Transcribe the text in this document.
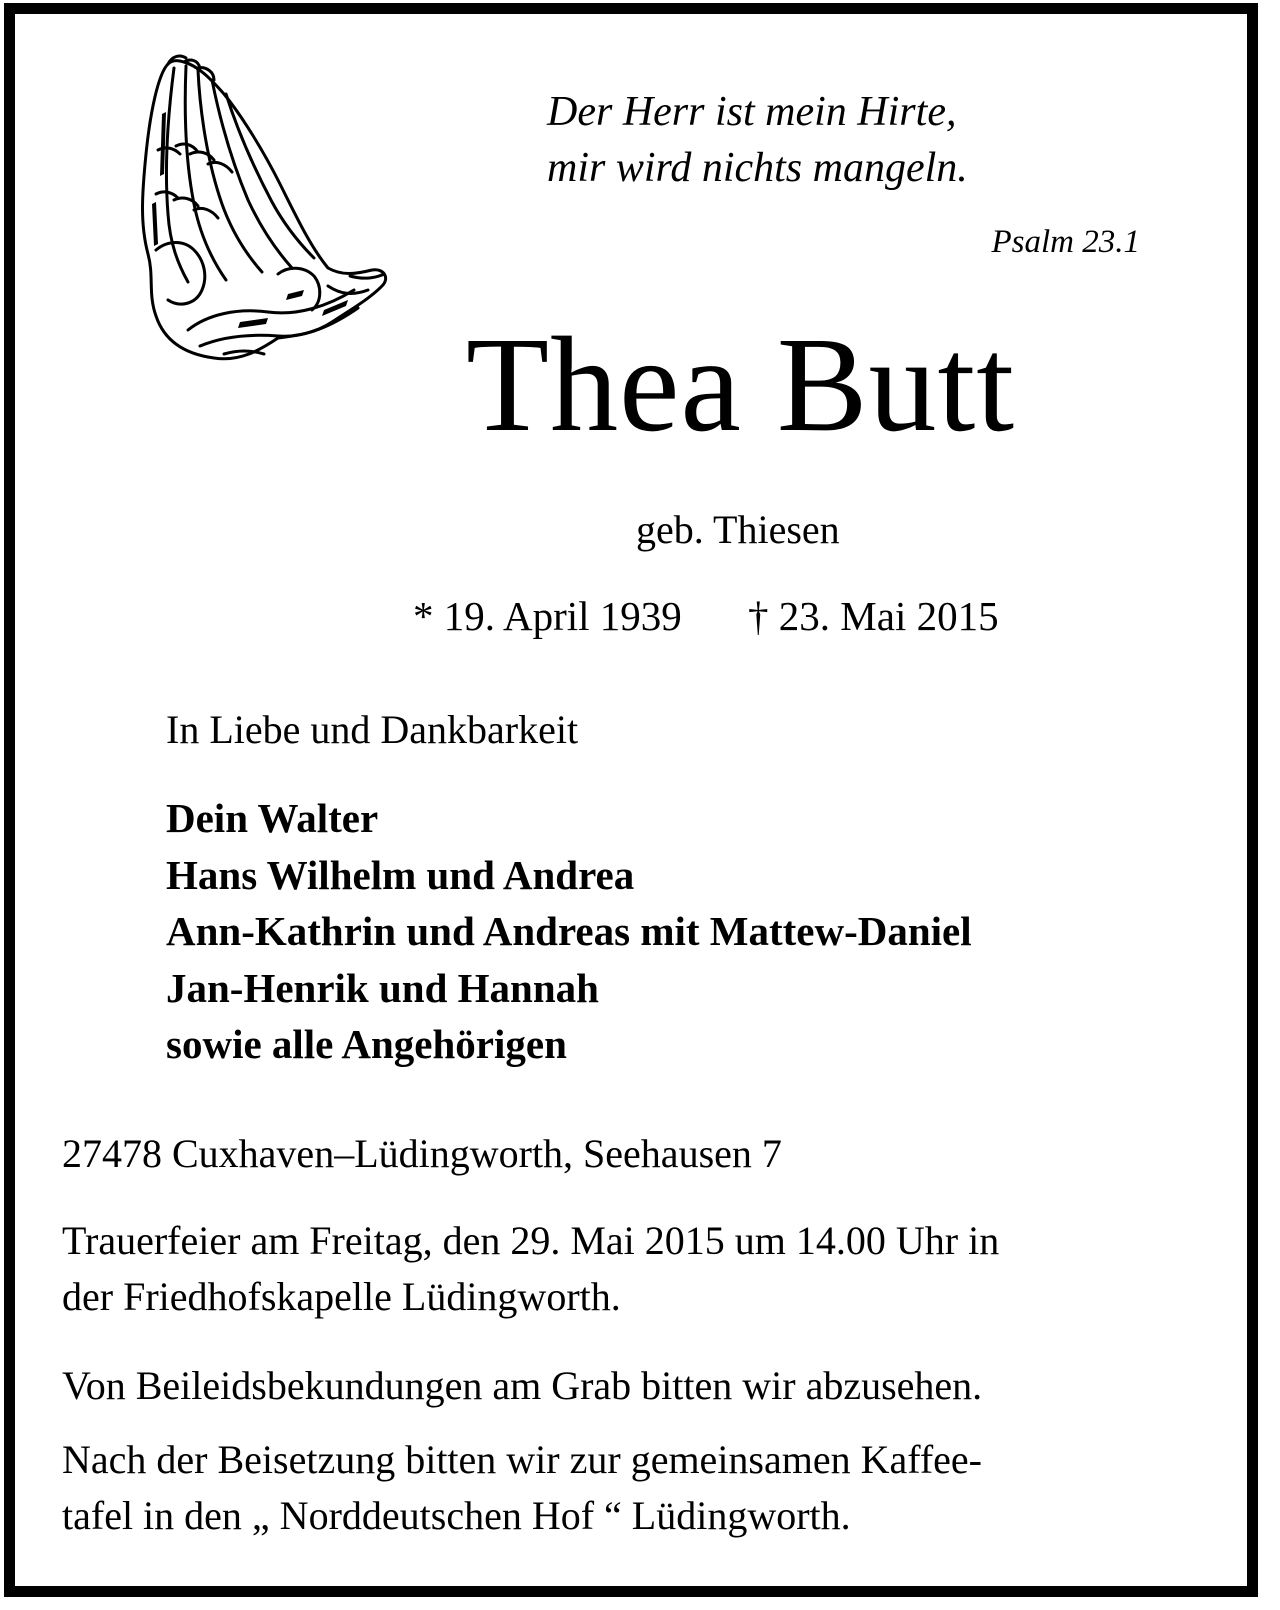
Der Herr ist mein Hirte,
mir wird nichts mangeln.
Psalm 23.1
Thea Butt
geb. Thiesen
* 19. April 1939 † 23. Mai 2015
In Liebe und Dankbarkeit
Dein Walter
Hans Wilhelm und Andrea
Ann-Kathrin und Andreas mit Mattew-Daniel
Jan-Henrik und Hannah
sowie alle Angehörigen
27478 Cuxhaven–Lüdingworth, Seehausen 7
Trauerfeier am Freitag, den 29. Mai 2015 um 14.00 Uhr in
der Friedhofskapelle Lüdingworth.
Von Beileidsbekundungen am Grab bitten wir abzusehen.
Nach der Beisetzung bitten wir zur gemeinsamen Kaffee-
tafel in den „ Norddeutschen Hof “ Lüdingworth.
